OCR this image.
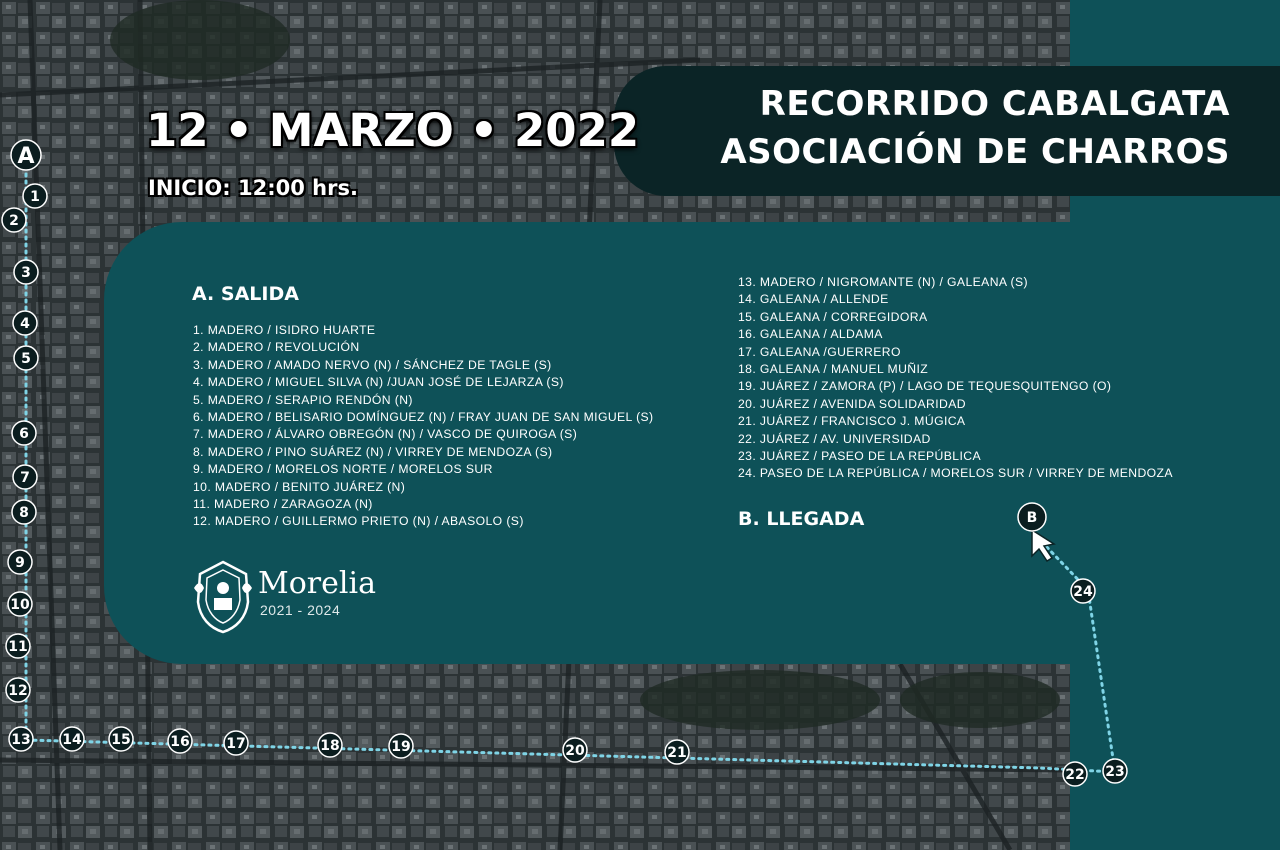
RECORRIDO CABALGATA
ASOCIACIÓN DE CHARROS
12 • MARZO • 2022
INICIO: 12:00 hrs.
A. SALIDA
1. MADERO / ISIDRO HUARTE
2. MADERO / REVOLUCIÓN
3. MADERO / AMADO NERVO (N) / SÁNCHEZ DE TAGLE (S)
4. MADERO / MIGUEL SILVA (N) /JUAN JOSÉ DE LEJARZA (S)
5. MADERO / SERAPIO RENDÓN (N)
6. MADERO / BELISARIO DOMÍNGUEZ (N) / FRAY JUAN DE SAN MIGUEL (S)
7. MADERO / ÁLVARO OBREGÓN (N) / VASCO DE QUIROGA (S)
8. MADERO / PINO SUÁREZ (N) / VIRREY DE MENDOZA (S)
9. MADERO / MORELOS NORTE / MORELOS SUR
10. MADERO / BENITO JUÁREZ (N)
11. MADERO / ZARAGOZA (N)
12. MADERO / GUILLERMO PRIETO (N) / ABASOLO (S)
13. MADERO / NIGROMANTE (N) / GALEANA (S)
14. GALEANA / ALLENDE
15. GALEANA / CORREGIDORA
16. GALEANA / ALDAMA
17. GALEANA /GUERRERO
18. GALEANA / MANUEL MUÑIZ
19. JUÁREZ / ZAMORA (P) / LAGO DE TEQUESQUITENGO (O)
20. JUÁREZ / AVENIDA SOLIDARIDAD
21. JUÁREZ / FRANCISCO J. MÚGICA
22. JUÁREZ / AV. UNIVERSIDAD
23. JUÁREZ / PASEO DE LA REPÚBLICA
24. PASEO DE LA REPÚBLICA / MORELOS SUR / VIRREY DE MENDOZA
B. LLEGADA
Morelia
2021 - 2024
1
2
3
4
5
6
7
8
9
10
11
12
13 14 15	16	17	18	19	20	21
22 23
24
A
B
